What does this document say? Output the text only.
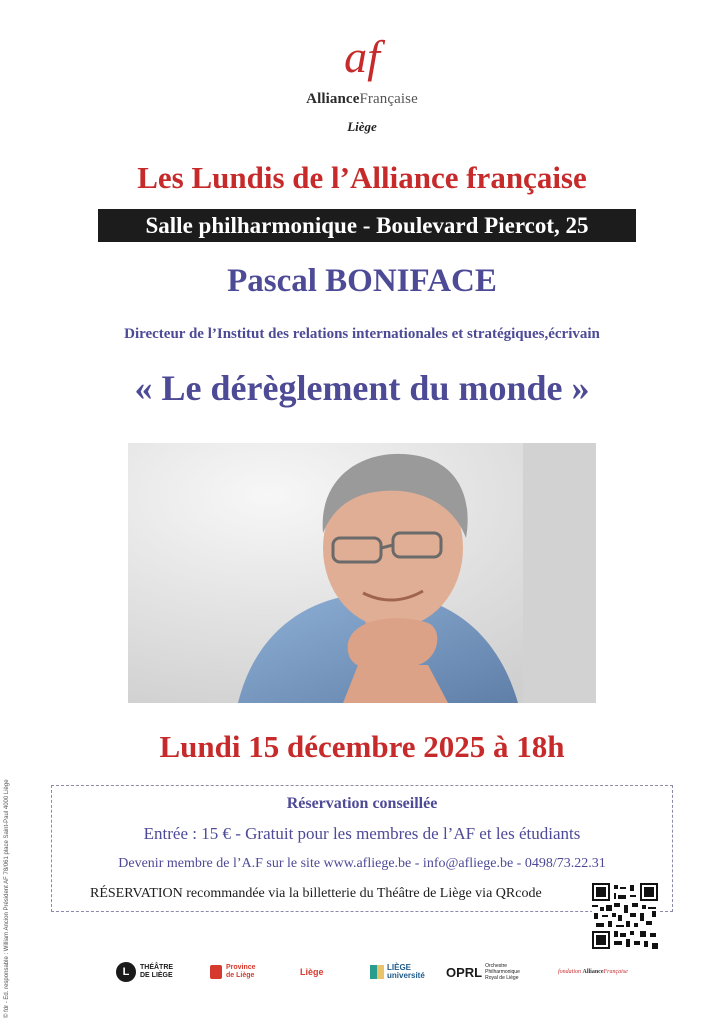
af
AllianceFrançaise
Liège
Les Lundis de l’Alliance française
Salle philharmonique - Boulevard Piercot, 25
Pascal BONIFACE
Directeur de l’Institut des relations internationales et stratégiques,écrivain
« Le dérèglement du monde »
Lundi 15 décembre 2025 à 18h
Réservation conseillée
Entrée : 15 € - Gratuit pour les membres de l’AF et les étudiants
Devenir membre de l’A.F sur le site www.afliege.be - info@afliege.be - 0498/73.22.31
RÉSERVATION recommandée via la billetterie du Théâtre de Liège via QRcode
L	THÉÂTRE DE LIÈGE
Province de Liège	Liège	LIÈGE université OPRL Orchestre Philharmonique Royal de Liège
fondation AllianceFrançaise
© fdr - Ed. responsable : William Ancion Président AF 78/061 place Saint-Paul 4000 Liège
